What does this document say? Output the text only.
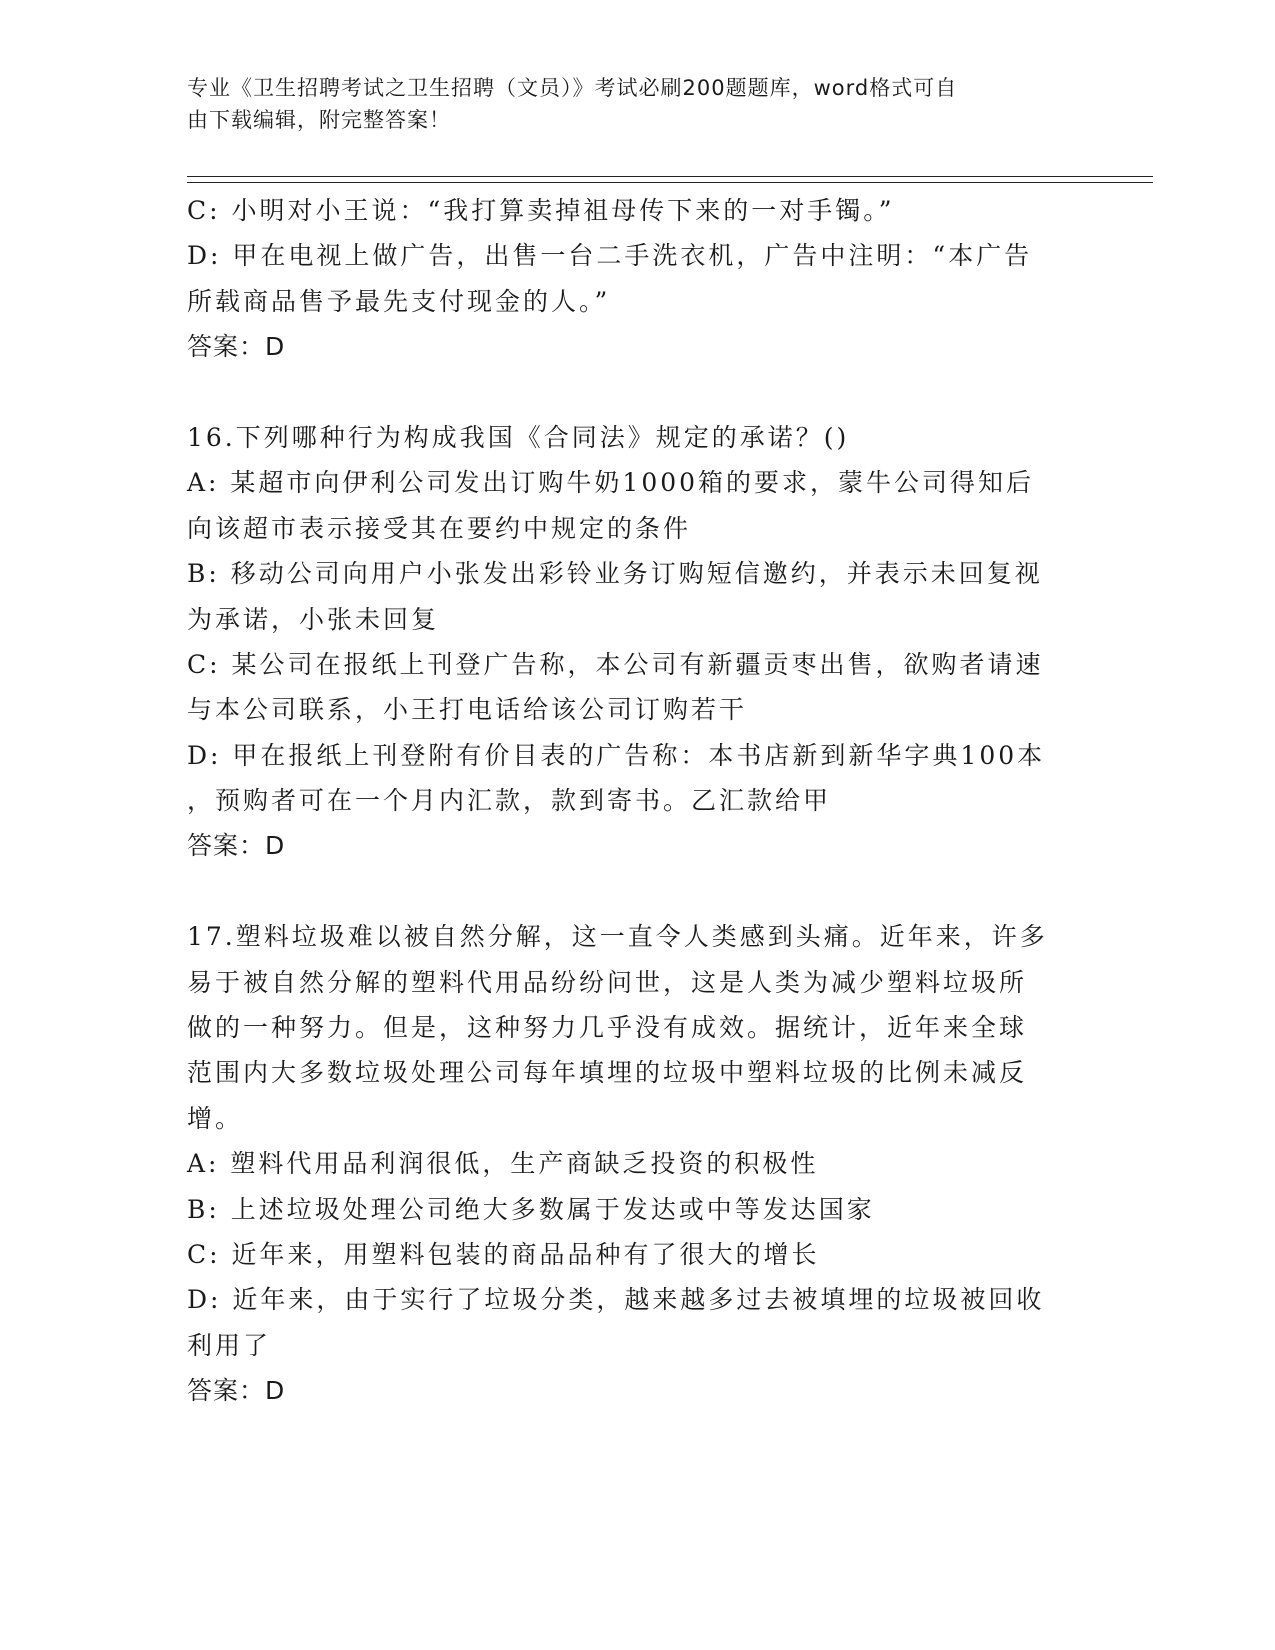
专业《卫生招聘考试之卫生招聘（文员）》考试必刷200题题库，word格式可自
由下载编辑，附完整答案！
C: 小明对小王说：“我打算卖掉祖母传下来的一对手镯。”
D: 甲在电视上做广告，出售一台二手洗衣机，广告中注明：“本广告
所载商品售予最先支付现金的人。”
答案：D
16.下列哪种行为构成我国《合同法》规定的承诺？()
A: 某超市向伊利公司发出订购牛奶1000箱的要求，蒙牛公司得知后
向该超市表示接受其在要约中规定的条件
B: 移动公司向用户小张发出彩铃业务订购短信邀约，并表示未回复视
为承诺，小张未回复
C: 某公司在报纸上刊登广告称，本公司有新疆贡枣出售，欲购者请速
与本公司联系，小王打电话给该公司订购若干
D: 甲在报纸上刊登附有价目表的广告称：本书店新到新华字典100本
，预购者可在一个月内汇款，款到寄书。乙汇款给甲
答案：D
17.塑料垃圾难以被自然分解，这一直令人类感到头痛。近年来，许多
易于被自然分解的塑料代用品纷纷问世，这是人类为减少塑料垃圾所
做的一种努力。但是，这种努力几乎没有成效。据统计，近年来全球
范围内大多数垃圾处理公司每年填埋的垃圾中塑料垃圾的比例未减反
增。
A: 塑料代用品利润很低，生产商缺乏投资的积极性
B: 上述垃圾处理公司绝大多数属于发达或中等发达国家
C: 近年来，用塑料包装的商品品种有了很大的增长
D: 近年来，由于实行了垃圾分类，越来越多过去被填埋的垃圾被回收
利用了
答案：D
